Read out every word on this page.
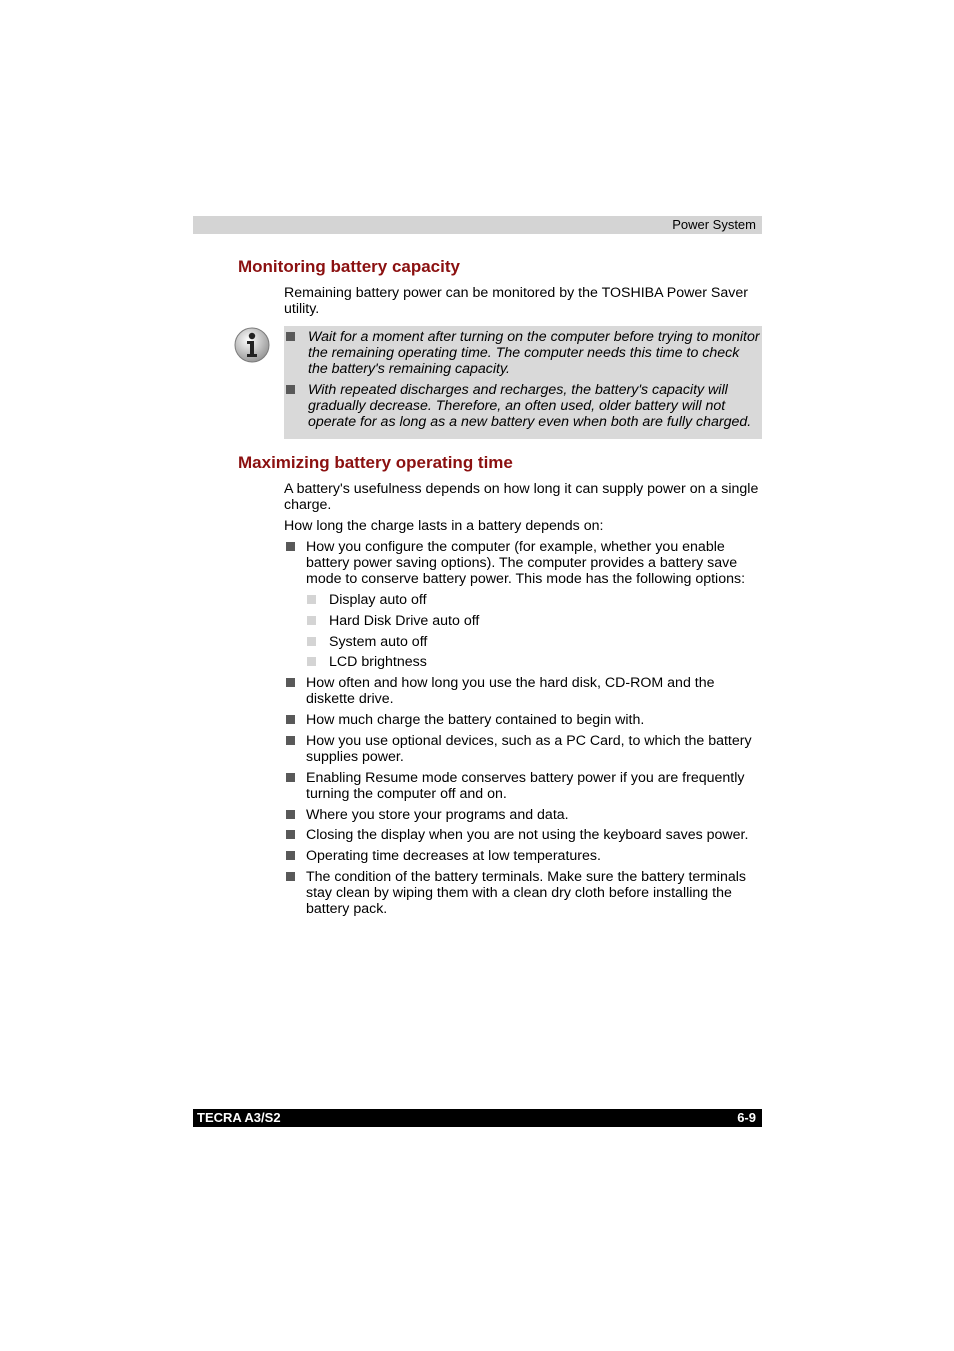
Power System
Monitoring battery capacity

Remaining battery power can be monitored by the TOSHIBA Power Saver utility.

Wait for a moment after turning on the computer before trying to monitor the remaining operating time. The computer needs this time to check the battery's remaining capacity.
With repeated discharges and recharges, the battery's capacity will gradually decrease. Therefore, an often used, older battery will not operate for as long as a new battery even when both are fully charged.
Maximizing battery operating time

A battery's usefulness depends on how long it can supply power on a single charge.

How long the charge lasts in a battery depends on:

How you configure the computer (for example, whether you enable battery power saving options). The computer provides a battery save mode to conserve battery power. This mode has the following options:
Display auto off
Hard Disk Drive auto off
System auto off
LCD brightness
How often and how long you use the hard disk, CD-ROM and the diskette drive.
How much charge the battery contained to begin with.
How you use optional devices, such as a PC Card, to which the battery supplies power.
Enabling Resume mode conserves battery power if you are frequently turning the computer off and on.
Where you store your programs and data.
Closing the display when you are not using the keyboard saves power.
Operating time decreases at low temperatures.
The condition of the battery terminals. Make sure the battery terminals stay clean by wiping them with a clean dry cloth before installing the battery pack.
TECRA A3/S2	6-9
